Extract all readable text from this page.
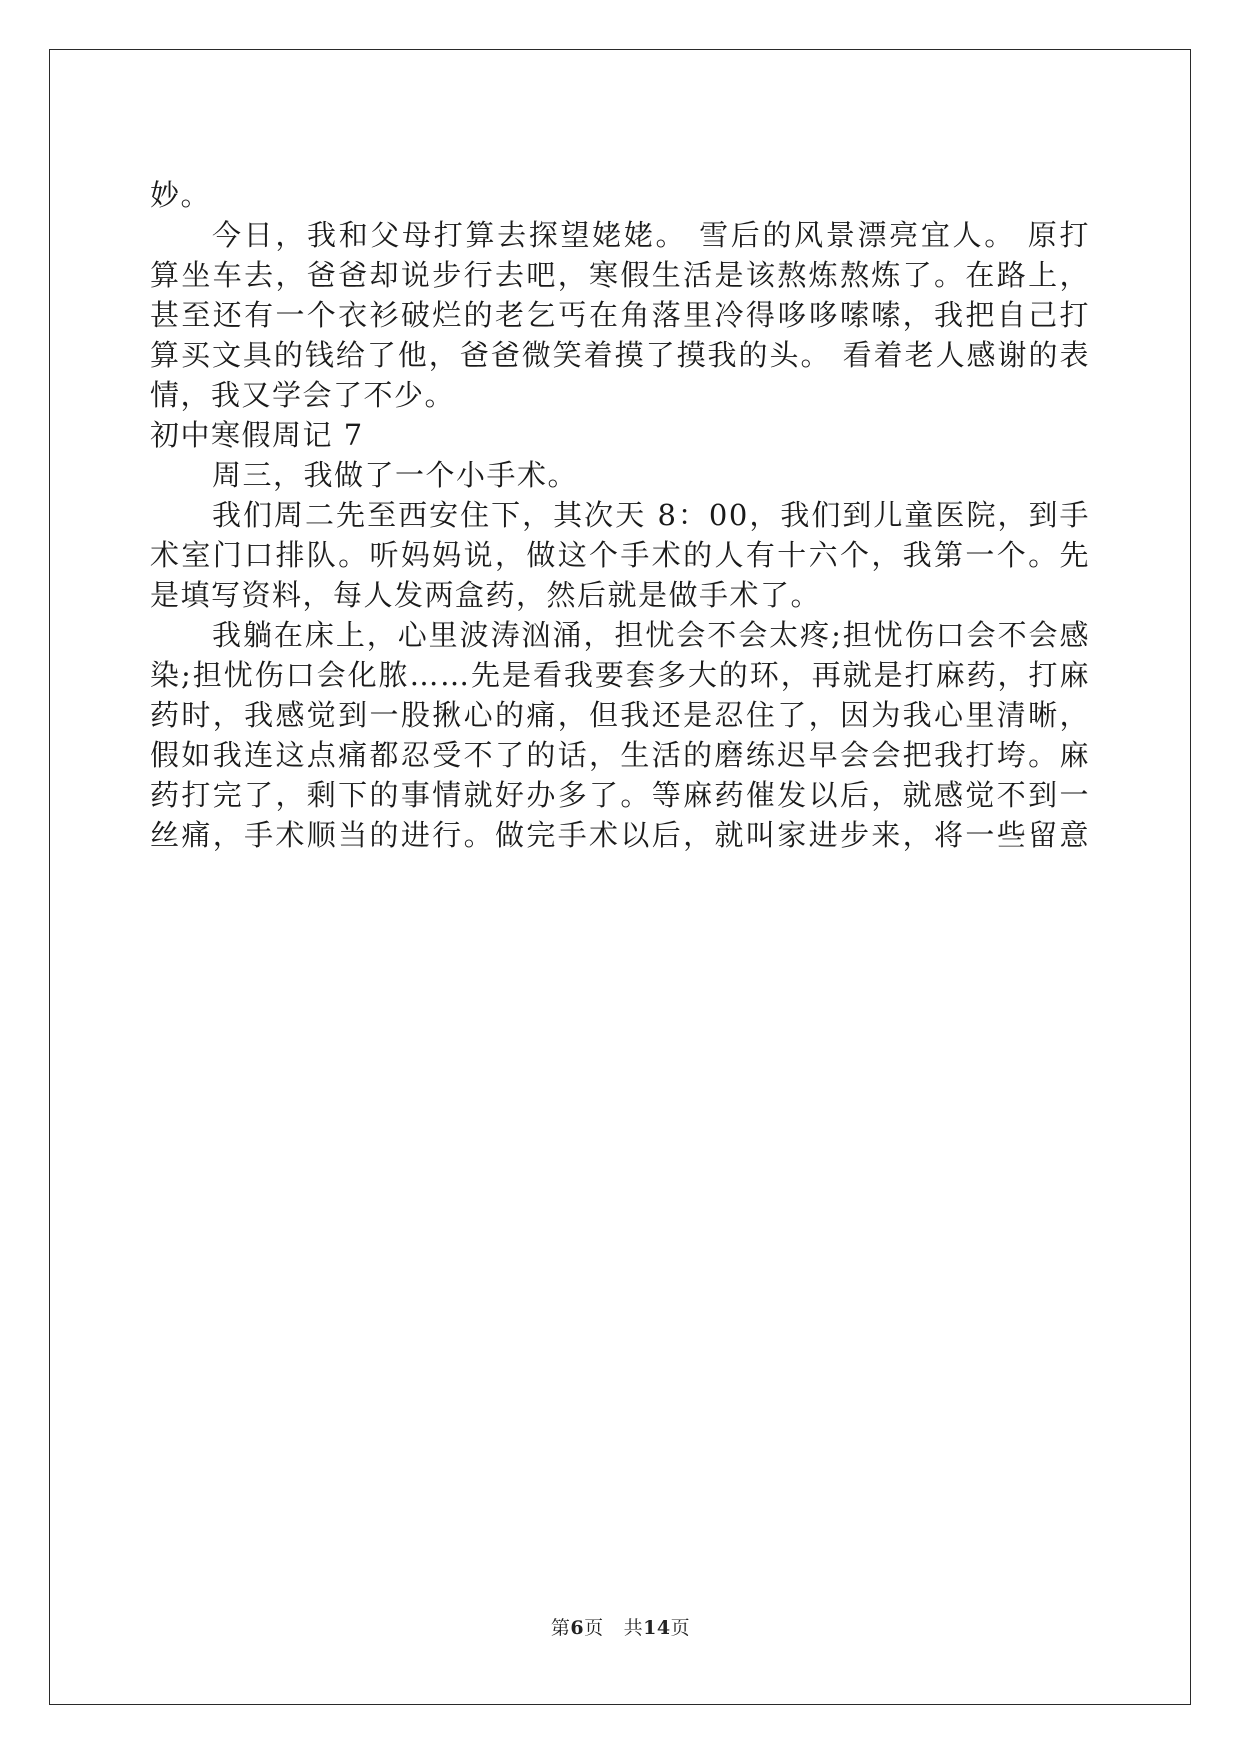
妙。
今日，我和父母打算去探望姥姥。 雪后的风景漂亮宜人。 原打
算坐车去，爸爸却说步行去吧，寒假生活是该熬炼熬炼了。在路上，
甚至还有一个衣衫破烂的老乞丐在角落里冷得哆哆嗦嗦，我把自己打
算买文具的钱给了他，爸爸微笑着摸了摸我的头。 看着老人感谢的表
情，我又学会了不少。
初中寒假周记 7
周三，我做了一个小手术。
我们周二先至西安住下，其次天 8：00，我们到儿童医院，到手
术室门口排队。听妈妈说，做这个手术的人有十六个，我第一个。先
是填写资料，每人发两盒药，然后就是做手术了。
我躺在床上，心里波涛汹涌，担忧会不会太疼;担忧伤口会不会感
染;担忧伤口会化脓……先是看我要套多大的环，再就是打麻药，打麻
药时，我感觉到一股揪心的痛，但我还是忍住了，因为我心里清晰，
假如我连这点痛都忍受不了的话，生活的磨练迟早会会把我打垮。麻
药打完了，剩下的事情就好办多了。等麻药催发以后，就感觉不到一
丝痛，手术顺当的进行。做完手术以后，就叫家进步来，将一些留意
第6页 共14页
